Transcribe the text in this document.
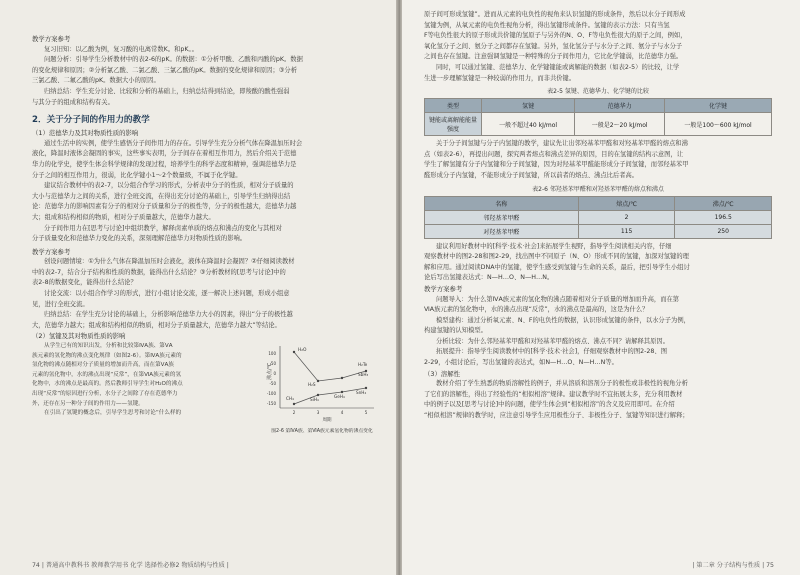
教学方案参考

复习旧知：以乙酸为例，复习酸的电离常数K。和pK。。

问题分析：引导学生分析教材中的表2-6的pK。的数据：①分析甲酸、乙酸和丙酸的pK。数据

的变化规律和原因；②分析氯乙酸、二氯乙酸、三氯乙酸的pK。数据的变化规律和原因；③分析

三氯乙酸、二氟乙酸的pK。数据大小的原因。

归纳总结：学生充分讨论、比较和分析的基础上，归纳总结得到结论，即羧酸的酸性强弱

与其分子的组成和结构有关。

2．关于分子间的作用力的教学

（1）范德华力及其对物质性质的影响

通过生活中的实例，使学生感悟分子间作用力的存在。引导学生充分分析气体在降温加压时会

液化，降温时液体会凝固的事实，这些事实表明，分子间存在着相互作用力，然后介绍关于范德

华力的化学史，使学生体会科学规律的发现过程，培养学生的科学态度和精神，强调范德华力是

分子之间的相互作用力，很弱，比化学键小1～2个数量级，不属于化学键。

建议结合教材中的表2-7，以分组合作学习的形式，分析表中分子的性质，相对分子质量的

大小与范德华力之间的关系，进行全班交流，在得出充分讨论的基础上，引导学生归纳得出结

论：范德华力的影响因素有分子的相对分子质量和分子的极性等，分子的极性越大，范德华力越

大；组成和结构相似的物质，相对分子质量越大，范德华力越大。

分子间作用力在[思考与讨论]中组织教学，解释卤素单质的熔点和沸点的变化与其相对

分子质量变化和范德华力变化的关系，深刻理解范德华力对物质性质的影响。

教学方案参考

创设问题情境：①为什么气体在降温加压时会液化，液体在降温时会凝固？②仔细阅读教材

中的表2-7，结合分子结构和性质的数据，能得出什么结论？③分析教材的[思考与讨论]中的

表2-8的数据变化，能得出什么结论？

讨论交流：以小组合作学习的形式，进行小组讨论交流，逐一解决上述问题，形成小组意

见，进行全班交流。

归纳总结：在学生充分讨论的基础上，分析影响范德华力大小的因素，得出“分子的极性越

大，范德华力越大；组成和结构相似的物质，相对分子质量越大，范德华力越大”等结论。

（2）氢键及其对物质性质的影响

从学生已有的知识出发，分析和比较第ⅣA族、第ⅤA

族元素的氢化物的沸点变化规律（如图2-6）。第ⅣA族元素的

氢化物的沸点随相对分子质量的增加而升高，而在第ⅤA族

元素的氢化物中，水的沸点出现“反常”，在第ⅥA族元素的氢

化物中，水的沸点是最高的。然后教师引导学生对H₂O的沸点

出现“反常”的原因进行分析，水分子之间除了存在范德华力

外，还存在另一种分子间的作用力——氢键。

在引出了氢键的概念后，引导学生思考和讨论“什么样的

沸点/℃
100
50
0
-50
-100
-150
2	3	4	5
周期
H₂O
H₂Te
SbH₃
H₂S
SnH₄
SiH₄
GeH₄
CH₄
图2-6 第ⅣA族、第ⅥA族元素氢化物的沸点变化
74 | 普通高中教科书 教师教学用书 化学 选择性必修2 物质结构与性质 |

原子间可形成氢键”。进而从元素的电负性的视角来认识氢键的形成条件，然后以水分子间形成

氢键为例，从氧元素的电负性视角分析，得出氢键形成条件。氢键的表示方法：只有当氢

F等电负性很大的原子形成共价键的氢原子与另外的N、O、F等电负性很大的原子之间，例如，

氧化氢分子之间、氨分子之间都存在氢键。另外，氢化氢分子与水分子之间、氨分子与水分子

之间也存在氢键。注意强调氢键是一种特殊的分子间作用力，它比化学键弱，比范德华力强。

同时，可以通过氢键、范德华力、化学键键能或离解能的数据（如表2-5）的比较，让学

生进一步理解氢键是一种较弱的作用力，而非共价键。

表2-5 氢键、范德华力、化学键的比较
类型	氢键	范德华力	化学键
键能或离解能能量强度	一般不超过40 kJ/mol	一般是2～20 kJ/mol	一般是100～600 kJ/mol

关于分子间氢键与分子内氢键的教学，建议先让出邻羟基苯甲醛和对羟基苯甲醛的熔点和沸

点（如表2-6），再提出问题，探究两者熔点和沸点差异的原因，目的在氢键的结构示意图，让

学生了解氢键有分子内氢键和分子间氢键，因为对羟基苯甲醛能形成分子间氢键，而邻羟基苯甲

醛形成分子内氢键，不能形成分子间氢键，所以前者的熔点、沸点比后者高。

表2-6 邻羟基苯甲醛和对羟基苯甲醛的熔点和沸点
名称	熔点/℃	沸点/℃
邻羟基苯甲醛	2	196.5
对羟基苯甲醛	115	250

建议利用好教材中的[科学·技术·社会]来拓展学生视野，指导学生阅读相关内容，仔细

观察教材中的图2-28和图2-29，找出图中不同原子（N、O）形成不同的氢键，加深对氢键的理

解和应用。通过阅读DNA中的氢键，使学生感受到氢键与生命的关系，最后，把引导学生小组讨

论后写出氢键表达式：N—H…O、N—H…N。

教学方案参考

问题导入：为什么第ⅣA族元素的氢化物的沸点随着相对分子质量的增加而升高，而在第

ⅥA族元素的氢化物中，水的沸点出现“反常”，水的沸点是最高的，这是为什么？

模型建构：通过分析氧元素、N、F的电负性的数据，认识形成氢键的条件，以水分子为例，

构建氢键的认知模型。

分析比较：为什么邻羟基苯甲醛和对羟基苯甲醛的熔点、沸点不同？请解释其原因。

拓展提升：指导学生阅读教材中的[科学·技术·社会]，仔细观察教材中的图2-28、图

2-29，小组讨论后，写出氢键的表达式，如N—H…O、N—H…N等。

（3）溶解性

教材介绍了学生熟悉的物质溶解性的例子，并从溶质和溶剂分子的极性或非极性的视角分析

了它们的溶解性，得出了经验性的“相似相溶”规律。建议教学时不宜拓展太多，充分利用教材

中的例子以及[思考与讨论]中的问题，使学生体会到“相似相溶”的含义及应用即可。在介绍

“相似相溶”规律的教学时，应注意引导学生应用极性分子、非极性分子、氢键等知识进行解释；

| 第二章 分子结构与性质 | 75
